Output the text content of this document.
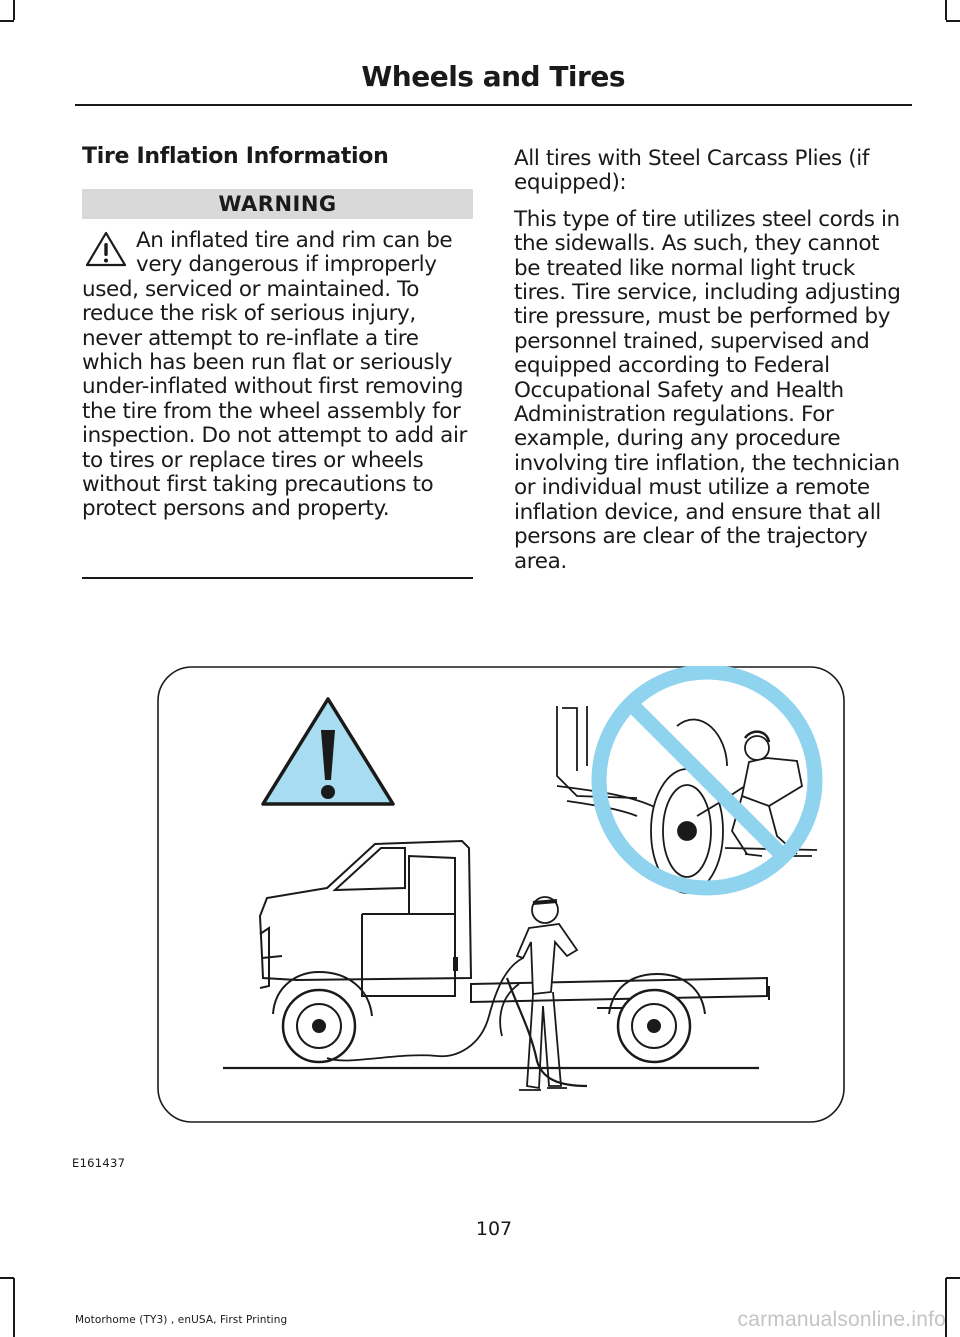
Wheels and Tires
Tire Inflation Information
WARNING

An inflated tire and rim can be very dangerous if improperly used, serviced or maintained. To reduce the risk of serious injury, never attempt to re-inflate a tire which has been run flat or seriously under-inflated without first removing the tire from the wheel assembly for inspection. Do not attempt to add air to tires or replace tires or wheels without first taking precautions to protect persons and property.

All tires with Steel Carcass Plies (if equipped):

This type of tire utilizes steel cords in the sidewalls. As such, they cannot be treated like normal light truck tires. Tire service, including adjusting tire pressure, must be performed by personnel trained, supervised and equipped according to Federal Occupational Safety and Health Administration regulations. For example, during any procedure involving tire inflation, the technician or individual must utilize a remote inflation device, and ensure that all persons are clear of the trajectory area.

E161437
107
Motorhome (TY3) , enUSA, First Printing	carmanualsonline.info
